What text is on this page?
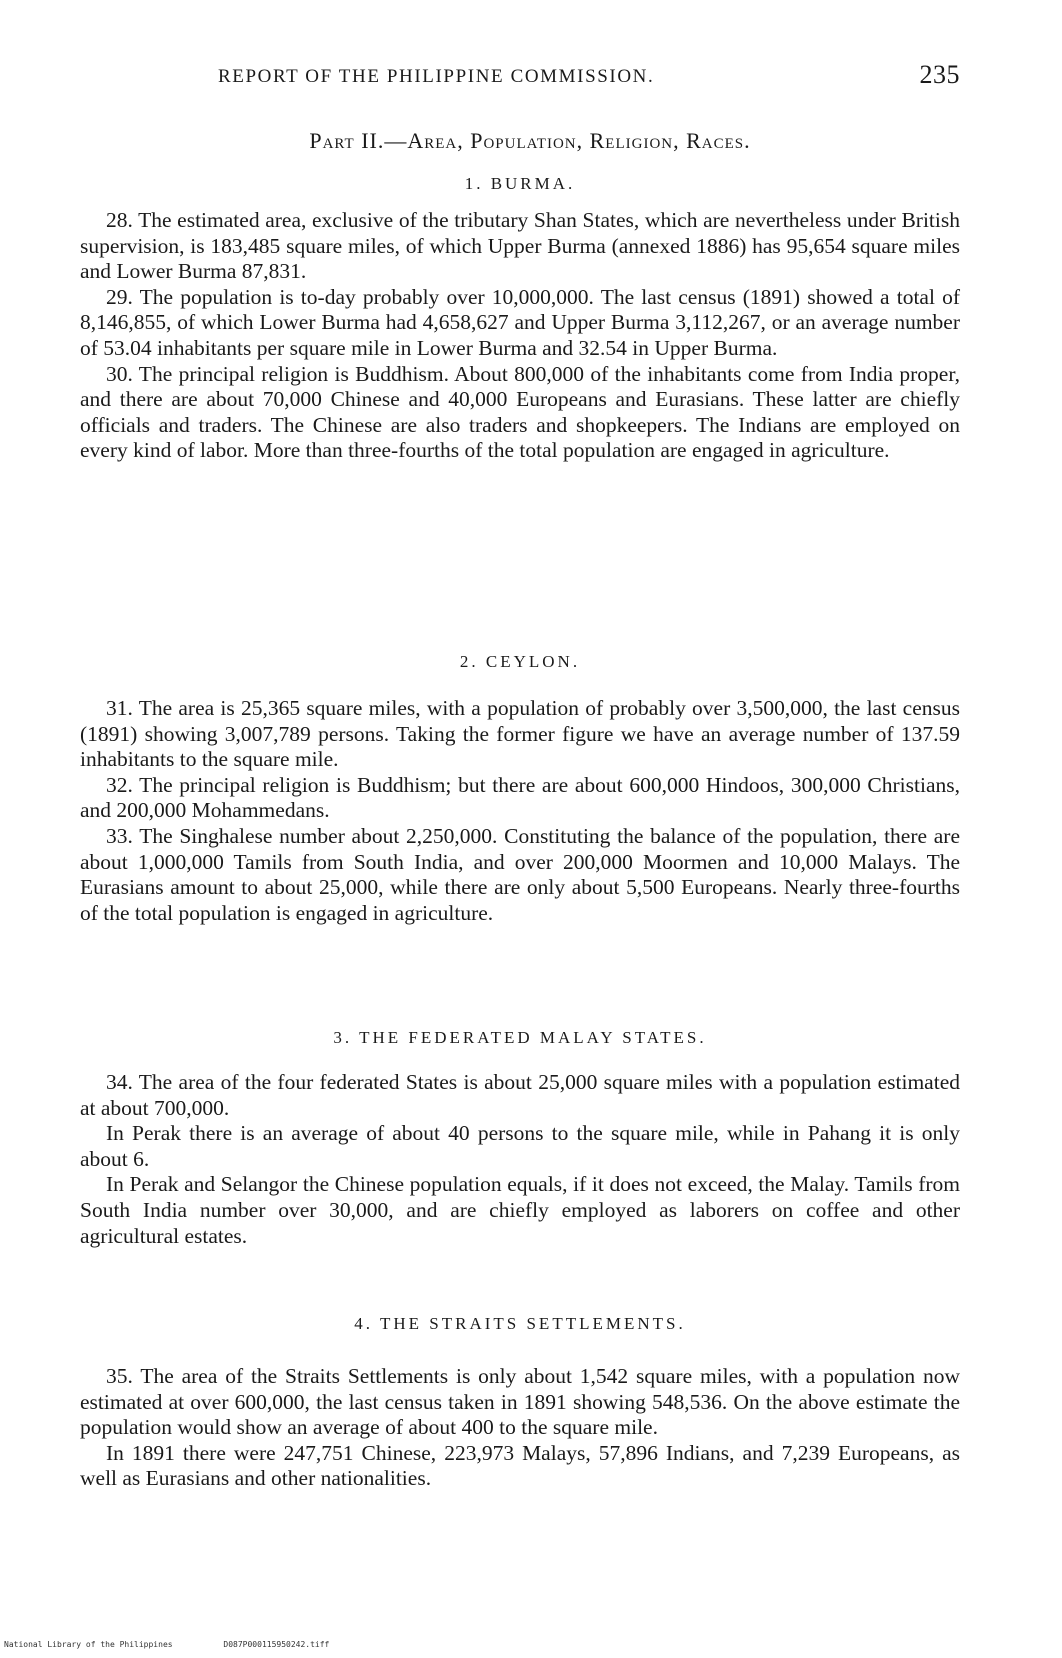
REPORT OF THE PHILIPPINE COMMISSION.	235
Part II.—Area, Population, Religion, Races.
1. BURMA.

28. The estimated area, exclusive of the tributary Shan States, which are nevertheless under British supervision, is 183,485 square miles, of which Upper Burma (annexed 1886) has 95,654 square miles and Lower Burma 87,831.

29. The population is to-day probably over 10,000,000. The last census (1891) showed a total of 8,146,855, of which Lower Burma had 4,658,627 and Upper Burma 3,112,267, or an average number of 53.04 inhabitants per square mile in Lower Burma and 32.54 in Upper Burma.

30. The principal religion is Buddhism. About 800,000 of the inhabitants come from India proper, and there are about 70,000 Chinese and 40,000 Europeans and Eurasians. These latter are chiefly officials and traders. The Chinese are also traders and shopkeepers. The Indians are employed on every kind of labor. More than three-fourths of the total population are engaged in agriculture.

2. CEYLON.

31. The area is 25,365 square miles, with a population of probably over 3,500,000, the last census (1891) showing 3,007,789 persons. Taking the former figure we have an average number of 137.59 inhabitants to the square mile.

32. The principal religion is Buddhism; but there are about 600,000 Hindoos, 300,000 Christians, and 200,000 Mohammedans.

33. The Singhalese number about 2,250,000. Constituting the balance of the population, there are about 1,000,000 Tamils from South India, and over 200,000 Moormen and 10,000 Malays. The Eurasians amount to about 25,000, while there are only about 5,500 Europeans. Nearly three-fourths of the total population is engaged in agriculture.

3. THE FEDERATED MALAY STATES.

34. The area of the four federated States is about 25,000 square miles with a population estimated at about 700,000.

In Perak there is an average of about 40 persons to the square mile, while in Pahang it is only about 6.

In Perak and Selangor the Chinese population equals, if it does not exceed, the Malay. Tamils from South India number over 30,000, and are chiefly employed as laborers on coffee and other agricultural estates.

4. THE STRAITS SETTLEMENTS.

35. The area of the Straits Settlements is only about 1,542 square miles, with a population now estimated at over 600,000, the last census taken in 1891 showing 548,536. On the above estimate the population would show an average of about 400 to the square mile.

In 1891 there were 247,751 Chinese, 223,973 Malays, 57,896 Indians, and 7,239 Europeans, as well as Eurasians and other nationalities.

National Library of the Philippines	D087P000115950242.tiff
